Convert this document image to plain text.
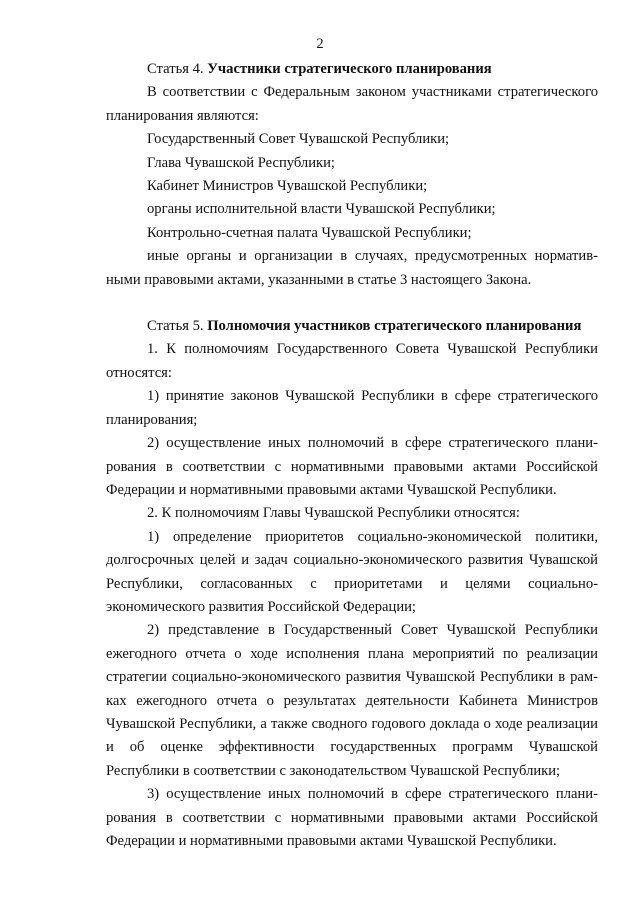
2

Статья 4. Участники стратегического планирования

В соответствии с Федеральным законом участниками стратегического планирования являются:

Государственный Совет Чувашской Республики;

Глава Чувашской Республики;

Кабинет Министров Чувашской Республики;

органы исполнительной власти Чувашской Республики;

Контрольно-счетная палата Чувашской Республики;

иные органы и организации в случаях, предусмотренных нормативными правовыми актами, указанными в статье 3 настоящего Закона.

Статья 5. Полномочия участников стратегического планирования

1. К полномочиям Государственного Совета Чувашской Республики относятся:

1) принятие законов Чувашской Республики в сфере стратегического планирования;

2) осуществление иных полномочий в сфере стратегического планирования в соответствии с нормативными правовыми актами Российской Федерации и нормативными правовыми актами Чувашской Республики.

2. К полномочиям Главы Чувашской Республики относятся:

1) определение приоритетов социально-экономической политики, долгосрочных целей и задач социально-экономического развития Чувашской Республики, согласованных с приоритетами и целями социально-экономического развития Российской Федерации;

2) представление в Государственный Совет Чувашской Республики ежегодного отчета о ходе исполнения плана мероприятий по реализации стратегии социально-экономического развития Чувашской Республики в рамках ежегодного отчета о результатах деятельности Кабинета Министров Чувашской Республики, а также сводного годового доклада о ходе реализации и об оценке эффективности государственных программ Чувашской Республики в соответствии с законодательством Чувашской Республики;

3) осуществление иных полномочий в сфере стратегического планирования в соответствии с нормативными правовыми актами Российской Федерации и нормативными правовыми актами Чувашской Республики.
